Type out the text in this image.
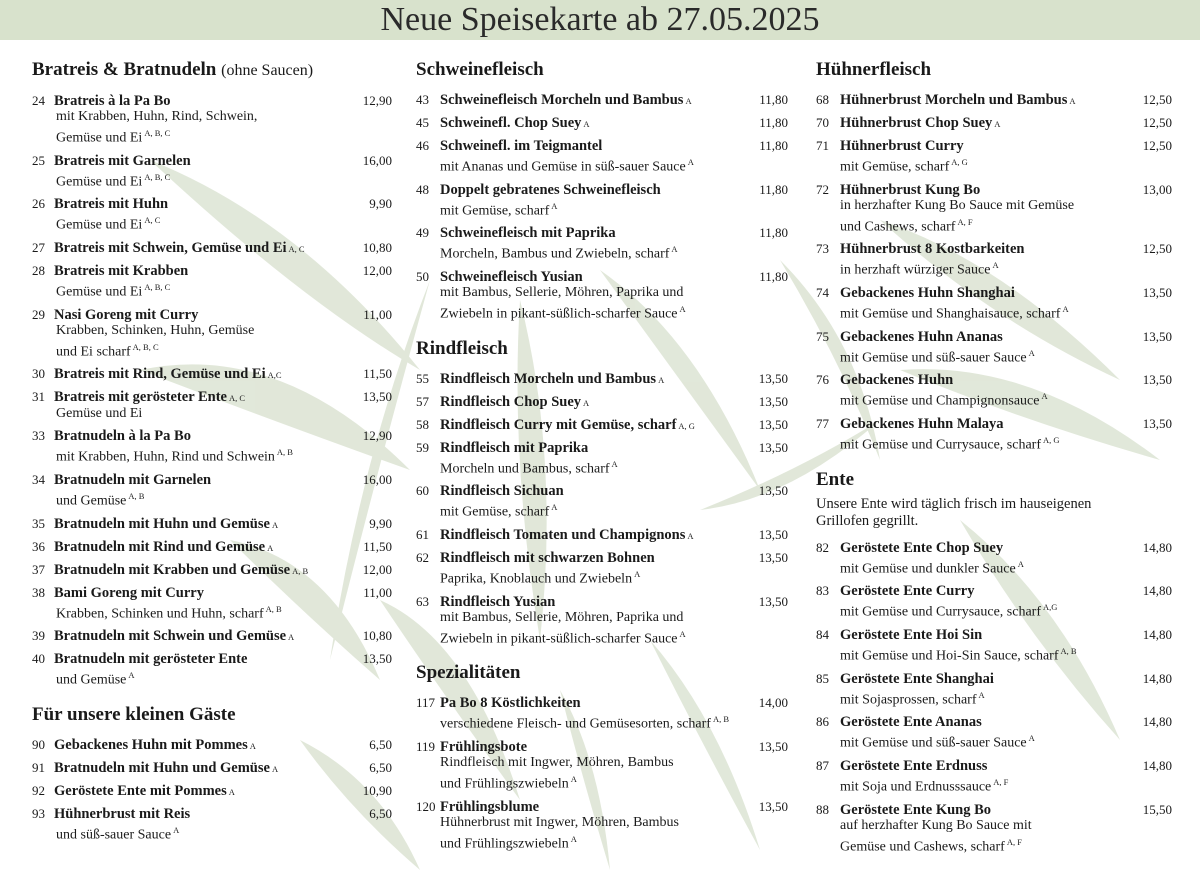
Neue Speisekarte ab 27.05.2025
Bratreis & Bratnudeln (ohne Saucen)
24 Bratreis à la Pa Bo	12,90
mit Krabben, Huhn, Rind, Schwein,
Gemüse und Ei $^{A, B, C}$
25 Bratreis mit Garnelen	16,00
Gemüse und Ei $^{A, B, C}$
26 Bratreis mit Huhn	9,90
Gemüse und Ei $^{A, C}$
27 Bratreis mit Schwein, Gemüse und Ei A, C	10,80
28 Bratreis mit Krabben	12,00
Gemüse und Ei $^{A, B, C}$
29 Nasi Goreng mit Curry	11,00
Krabben, Schinken, Huhn, Gemüse
und Ei scharf $^{A, B, C}$
30 Bratreis mit Rind, Gemüse und Ei A,C	11,50
31 Bratreis mit gerösteter Ente A, C	13,50
Gemüse und Ei
33 Bratnudeln à la Pa Bo	12,90
mit Krabben, Huhn, Rind und Schwein $^{A, B}$
34 Bratnudeln mit Garnelen	16,00
und Gemüse $^{A, B}$
35 Bratnudeln mit Huhn und Gemüse A	9,90
36 Bratnudeln mit Rind und Gemüse A	11,50
37 Bratnudeln mit Krabben und Gemüse A, B	12,00
38 Bami Goreng mit Curry	11,00
Krabben, Schinken und Huhn, scharf $^{A, B}$
39 Bratnudeln mit Schwein und Gemüse A	10,80
40 Bratnudeln mit gerösteter Ente	13,50
und Gemüse $^A$
Für unsere kleinen Gäste
90 Gebackenes Huhn mit Pommes A	6,50
91 Bratnudeln mit Huhn und Gemüse A	6,50
92 Geröstete Ente mit Pommes A	10,90
93 Hühnerbrust mit Reis	6,50
und süß-sauer Sauce $^A$
Schweinefleisch
43 Schweinefleisch Morcheln und Bambus A	11,80
45 Schweinefl. Chop Suey A	11,80
46 Schweinefl. im Teigmantel	11,80
mit Ananas und Gemüse in süß-sauer Sauce $^A$
48 Doppelt gebratenes Schweinefleisch	11,80
mit Gemüse, scharf $^A$
49 Schweinefleisch mit Paprika	11,80
Morcheln, Bambus und Zwiebeln, scharf $^A$
50 Schweinefleisch Yusian	11,80
mit Bambus, Sellerie, Möhren, Paprika und
Zwiebeln in pikant-süßlich-scharfer Sauce $^A$
Rindfleisch
55 Rindfleisch Morcheln und Bambus A	13,50
57 Rindfleisch Chop Suey A	13,50
58 Rindfleisch Curry mit Gemüse, scharf A, G	13,50
59 Rindfleisch mit Paprika	13,50
Morcheln und Bambus, scharf $^A$
60 Rindfleisch Sichuan	13,50
mit Gemüse, scharf $^A$
61 Rindfleisch Tomaten und Champignons A	13,50
62 Rindfleisch mit schwarzen Bohnen	13,50
Paprika, Knoblauch und Zwiebeln $^A$
63 Rindfleisch Yusian	13,50
mit Bambus, Sellerie, Möhren, Paprika und
Zwiebeln in pikant-süßlich-scharfer Sauce $^A$
Spezialitäten
117 Pa Bo 8 Köstlichkeiten	14,00
verschiedene Fleisch- und Gemüsesorten, scharf $^{A, B}$
119 Frühlingsbote	13,50
Rindfleisch mit Ingwer, Möhren, Bambus
und Frühlingszwiebeln $^A$
120 Frühlingsblume	13,50
Hühnerbrust mit Ingwer, Möhren, Bambus
und Frühlingszwiebeln $^A$
Hühnerfleisch
68 Hühnerbrust Morcheln und Bambus A	12,50
70 Hühnerbrust Chop Suey A	12,50
71 Hühnerbrust Curry	12,50
mit Gemüse, scharf $^{A, G}$
72 Hühnerbrust Kung Bo	13,00
in herzhafter Kung Bo Sauce mit Gemüse
und Cashews, scharf $^{A, F}$
73 Hühnerbrust 8 Kostbarkeiten	12,50
in herzhaft würziger Sauce $^A$
74 Gebackenes Huhn Shanghai	13,50
mit Gemüse und Shanghaisauce, scharf $^A$
75 Gebackenes Huhn Ananas	13,50
mit Gemüse und süß-sauer Sauce $^A$
76 Gebackenes Huhn	13,50
mit Gemüse und Champignonsauce $^A$
77 Gebackenes Huhn Malaya	13,50
mit Gemüse und Currysauce, scharf $^{A, G}$
Ente
Unsere Ente wird täglich frisch im hauseigenen
Grillofen gegrillt.
82 Geröstete Ente Chop Suey	14,80
mit Gemüse und dunkler Sauce $^A$
83 Geröstete Ente Curry	14,80
mit Gemüse und Currysauce, scharf $^{A,G}$
84 Geröstete Ente Hoi Sin	14,80
mit Gemüse und Hoi-Sin Sauce, scharf $^{A, B}$
85 Geröstete Ente Shanghai	14,80
mit Sojasprossen, scharf $^A$
86 Geröstete Ente Ananas	14,80
mit Gemüse und süß-sauer Sauce $^A$
87 Geröstete Ente Erdnuss	14,80
mit Soja und Erdnusssauce $^{A, F}$
88 Geröstete Ente Kung Bo	15,50
auf herzhafter Kung Bo Sauce mit
Gemüse und Cashews, scharf $^{A, F}$
